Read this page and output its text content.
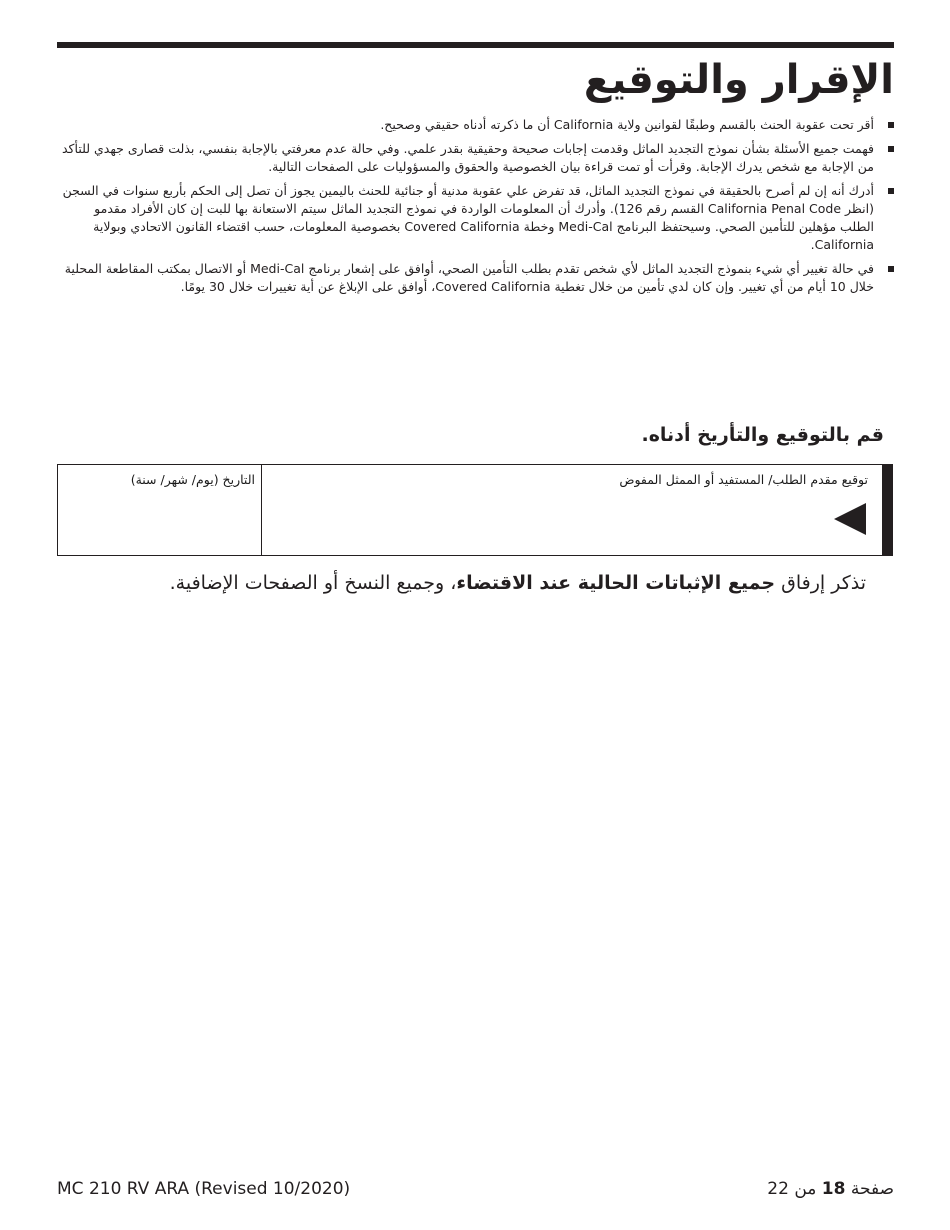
الإقرار والتوقيع
أقر تحت عقوبة الحنث بالقسم وطبقًا لقوانين ولاية California أن ما ذكرته أدناه حقيقي وصحيح.
فهمت جميع الأسئلة بشأن نموذج التجديد الماثل وقدمت إجابات صحيحة وحقيقية بقدر علمي. وفي حالة عدم معرفتي بالإجابة بنفسي، بذلت قصارى جهدي للتأكد من الإجابة مع شخص يدرك الإجابة. وقرأت أو تمت قراءة بيان الخصوصية والحقوق والمسؤوليات على الصفحات التالية.
أدرك أنه إن لم أصرح بالحقيقة في نموذج التجديد الماثل، قد تفرض علي عقوبة مدنية أو جنائية للحنث باليمين يجوز أن تصل إلى الحكم بأربع سنوات في السجن (انظر California Penal Code القسم رقم 126). وأدرك أن المعلومات الواردة في نموذج التجديد الماثل سيتم الاستعانة بها للبت إن كان الأفراد مقدمو الطلب مؤهلين للتأمين الصحي. وسيحتفظ البرنامج Medi-Cal وخطة Covered California بخصوصية المعلومات، حسب اقتضاء القانون الاتحادي وبولاية California.
في حالة تغيير أي شيء بنموذج التجديد الماثل لأي شخص تقدم بطلب التأمين الصحي، أوافق على إشعار برنامج Medi-Cal أو الاتصال بمكتب المقاطعة المحلية خلال 10 أيام من أي تغيير. وإن كان لدي تأمين من خلال تغطية Covered California، أوافق على الإبلاغ عن أية تغييرات خلال 30 يومًا.
قم بالتوقيع والتأريخ أدناه.
التاريخ (يوم/ شهر/ سنة)	توقيع مقدم الطلب/ المستفيد أو الممثل المفوض

تذكر إرفاق جميع الإثباتات الحالية عند الاقتضاء، وجميع النسخ أو الصفحات الإضافية.

MC 210 RV ARA (Revised 10/2020)	صفحة 18 من 22
